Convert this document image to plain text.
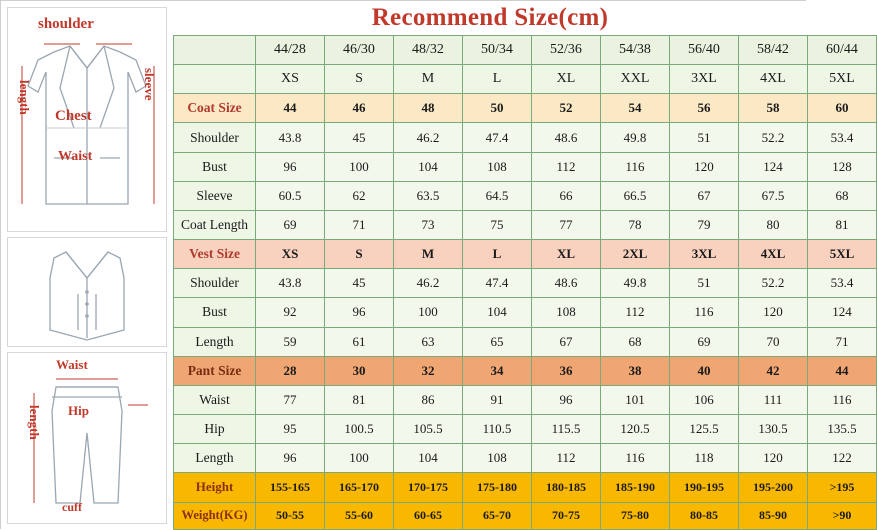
shoulder
sleeve
length
Chest
Waist
Waist
length Hip
cuff
Recommend Size(cm)
	44/28	46/30	48/32	50/34	52/36	54/38	56/40	58/42	60/44
	XS	S	M	L	XL	XXL	3XL	4XL	5XL
Coat Size	44	46	48	50	52	54	56	58	60
Shoulder	43.8	45	46.2	47.4	48.6	49.8	51	52.2	53.4
Bust	96	100	104	108	112	116	120	124	128
Sleeve	60.5	62	63.5	64.5	66	66.5	67	67.5	68
Coat Length	69	71	73	75	77	78	79	80	81
Vest Size	XS	S	M	L	XL	2XL	3XL	4XL	5XL
Shoulder	43.8	45	46.2	47.4	48.6	49.8	51	52.2	53.4
Bust	92	96	100	104	108	112	116	120	124
Length	59	61	63	65	67	68	69	70	71
Pant Size	28	30	32	34	36	38	40	42	44
Waist	77	81	86	91	96	101	106	111	116
Hip	95	100.5	105.5	110.5	115.5	120.5	125.5	130.5	135.5
Length	96	100	104	108	112	116	118	120	122
Height	155-165	165-170	170-175	175-180	180-185	185-190	190-195	195-200	>195
Weight(KG)	50-55	55-60	60-65	65-70	70-75	75-80	80-85	85-90	>90
